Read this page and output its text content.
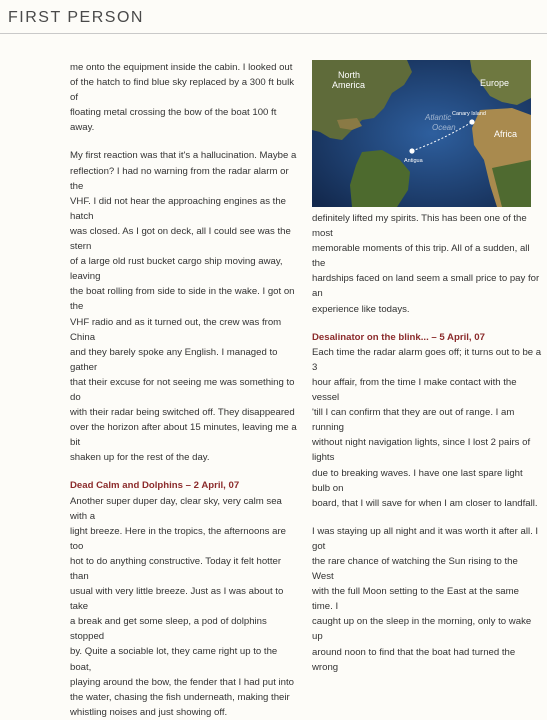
FIRST PERSON

me onto the equipment inside the cabin. I looked out

of the hatch to find blue sky replaced by a 300 ft bulk of

floating metal crossing the bow of the boat 100 ft away.

My first reaction was that it's a hallucination. Maybe a

reflection? I had no warning from the radar alarm or the

VHF. I did not hear the approaching engines as the hatch

was closed. As I got on deck, all I could see was the stern

of a large old rust bucket cargo ship moving away, leaving

the boat rolling from side to side in the wake. I got on the

VHF radio and as it turned out, the crew was from China

and they barely spoke any English. I managed to gather

that their excuse for not seeing me was something to do

with their radar being switched off. They disappeared

over the horizon after about 15 minutes, leaving me a bit

shaken up for the rest of the day.

Dead Calm and Dolphins – 2 April, 07

Another super duper day, clear sky, very calm sea with a

light breeze. Here in the tropics, the afternoons are too

hot to do anything constructive. Today it felt hotter than

usual with very little breeze. Just as I was about to take

a break and get some sleep, a pod of dolphins stopped

by. Quite a sociable lot, they came right up to the boat,

playing around the bow, the fender that I had put into

the water, chasing the fish underneath, making their

whistling noises and just showing off.

North
America	Europe
Canary Island
Atlantic
Ocean
Africa
Antigua

definitely lifted my spirits. This has been one of the most

memorable moments of this trip. All of a sudden, all the

hardships faced on land seem a small price to pay for an

experience like todays.

Desalinator on the blink... – 5 April, 07

Each time the radar alarm goes off; it turns out to be a 3

hour affair, from the time I make contact with the vessel

'till I can confirm that they are out of range. I am running

without night navigation lights, since I lost 2 pairs of lights

due to breaking waves. I have one last spare light bulb on

board, that I will save for when I am closer to landfall.

I was staying up all night and it was worth it after all. I got

the rare chance of watching the Sun rising to the West

with the full Moon setting to the East at the same time. I

caught up on the sleep in the morning, only to wake up

around noon to find that the boat had turned the wrong
